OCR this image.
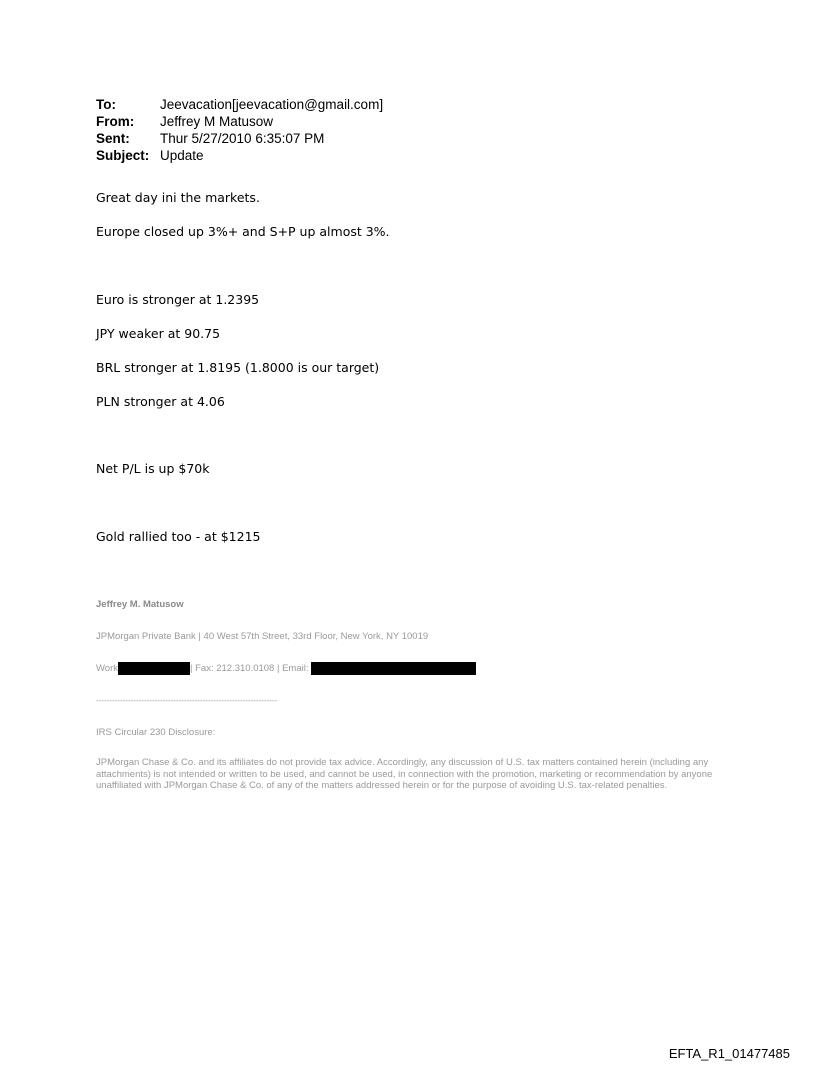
To:	Jeevacation[jeevacation@gmail.com]
From:	Jeffrey M Matusow
Sent:	Thur 5/27/2010 6:35:07 PM
Subject: Update
Great day ini the markets.
Europe closed up 3%+ and S+P up almost 3%.
Euro is stronger at 1.2395
JPY weaker at 90.75
BRL stronger at 1.8195 (1.8000 is our target)
PLN stronger at 4.06
Net P/L is up $70k
Gold rallied too - at $1215
Jeffrey M. Matusow
JPMorgan Private Bank | 40 West 57th Street, 33rd Floor, New York, NY 10019
Work	| Fax: 212.310.0108 | Email:
--------------------------------------------------------------------
IRS Circular 230 Disclosure:
JPMorgan Chase & Co. and its affiliates do not provide tax advice. Accordingly, any discussion of U.S. tax matters contained herein (including any attachments) is not intended or written to be used, and cannot be used, in connection with the promotion, marketing or recommendation by anyone unaffiliated with JPMorgan Chase & Co. of any of the matters addressed herein or for the purpose of avoiding U.S. tax-related penalties.
EFTA_R1_01477485
